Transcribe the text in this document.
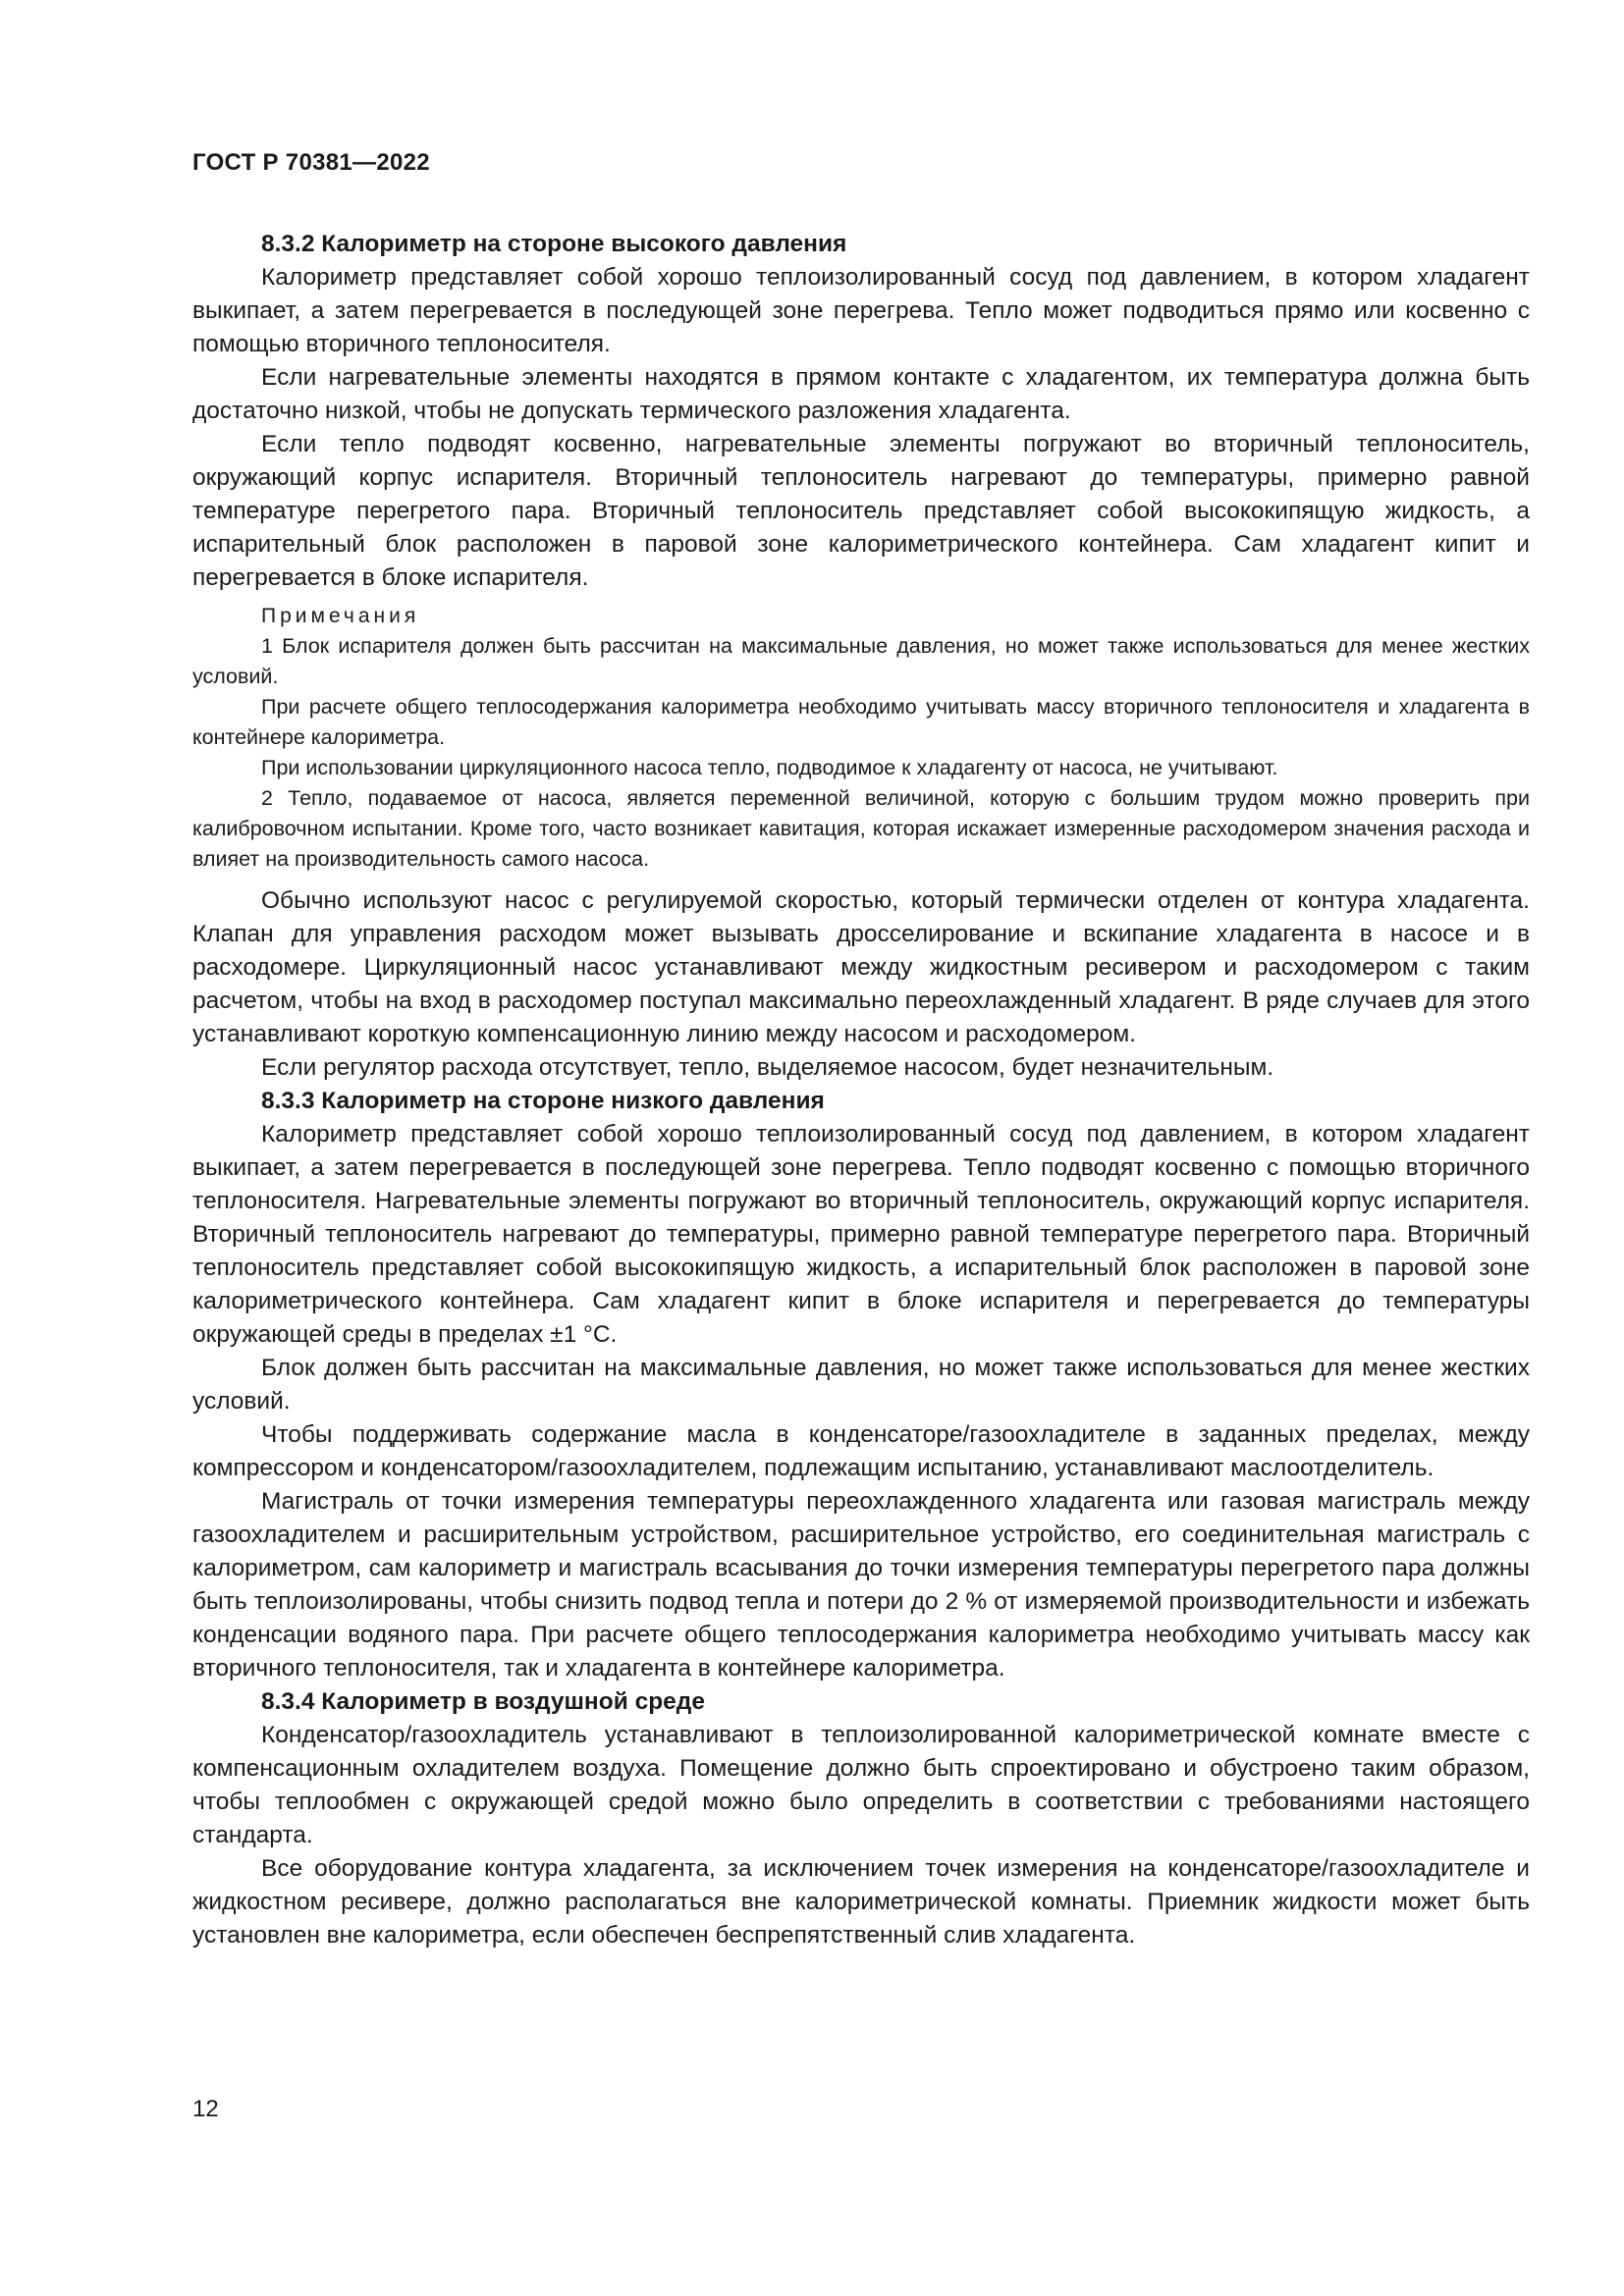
ГОСТ Р 70381—2022
8.3.2 Калориметр на стороне высокого давления

Калориметр представляет собой хорошо теплоизолированный сосуд под давлением, в котором хладагент выкипает, а затем перегревается в последующей зоне перегрева. Тепло может подводиться прямо или косвенно с помощью вторичного теплоносителя.

Если нагревательные элементы находятся в прямом контакте с хладагентом, их температура должна быть достаточно низкой, чтобы не допускать термического разложения хладагента.

Если тепло подводят косвенно, нагревательные элементы погружают во вторичный теплоноситель, окружающий корпус испарителя. Вторичный теплоноситель нагревают до температуры, примерно равной температуре перегретого пара. Вторичный теплоноситель представляет собой высококипящую жидкость, а испарительный блок расположен в паровой зоне калориметрического контейнера. Сам хладагент кипит и перегревается в блоке испарителя.

Примечания

1 Блок испарителя должен быть рассчитан на максимальные давления, но может также использоваться для менее жестких условий.

При расчете общего теплосодержания калориметра необходимо учитывать массу вторичного теплоносителя и хладагента в контейнере калориметра.

При использовании циркуляционного насоса тепло, подводимое к хладагенту от насоса, не учитывают.

2 Тепло, подаваемое от насоса, является переменной величиной, которую с большим трудом можно проверить при калибровочном испытании. Кроме того, часто возникает кавитация, которая искажает измеренные расходомером значения расхода и влияет на производительность самого насоса.

Обычно используют насос с регулируемой скоростью, который термически отделен от контура хладагента. Клапан для управления расходом может вызывать дросселирование и вскипание хладагента в насосе и в расходомере. Циркуляционный насос устанавливают между жидкостным ресивером и расходомером с таким расчетом, чтобы на вход в расходомер поступал максимально переохлажденный хладагент. В ряде случаев для этого устанавливают короткую компенсационную линию между насосом и расходомером.

Если регулятор расхода отсутствует, тепло, выделяемое насосом, будет незначительным.

8.3.3 Калориметр на стороне низкого давления

Калориметр представляет собой хорошо теплоизолированный сосуд под давлением, в котором хладагент выкипает, а затем перегревается в последующей зоне перегрева. Тепло подводят косвенно с помощью вторичного теплоносителя. Нагревательные элементы погружают во вторичный теплоноситель, окружающий корпус испарителя. Вторичный теплоноситель нагревают до температуры, примерно равной температуре перегретого пара. Вторичный теплоноситель представляет собой высококипящую жидкость, а испарительный блок расположен в паровой зоне калориметрического контейнера. Сам хладагент кипит в блоке испарителя и перегревается до температуры окружающей среды в пределах ±1 °С.

Блок должен быть рассчитан на максимальные давления, но может также использоваться для менее жестких условий.

Чтобы поддерживать содержание масла в конденсаторе/газоохладителе в заданных пределах, между компрессором и конденсатором/газоохладителем, подлежащим испытанию, устанавливают маслоотделитель.

Магистраль от точки измерения температуры переохлажденного хладагента или газовая магистраль между газоохладителем и расширительным устройством, расширительное устройство, его соединительная магистраль с калориметром, сам калориметр и магистраль всасывания до точки измерения температуры перегретого пара должны быть теплоизолированы, чтобы снизить подвод тепла и потери до 2 % от измеряемой производительности и избежать конденсации водяного пара. При расчете общего теплосодержания калориметра необходимо учитывать массу как вторичного теплоносителя, так и хладагента в контейнере калориметра.

8.3.4 Калориметр в воздушной среде

Конденсатор/газоохладитель устанавливают в теплоизолированной калориметрической комнате вместе с компенсационным охладителем воздуха. Помещение должно быть спроектировано и обустроено таким образом, чтобы теплообмен с окружающей средой можно было определить в соответствии с требованиями настоящего стандарта.

Все оборудование контура хладагента, за исключением точек измерения на конденсаторе/газоохладителе и жидкостном ресивере, должно располагаться вне калориметрической комнаты. Приемник жидкости может быть установлен вне калориметра, если обеспечен беспрепятственный слив хладагента.

12
